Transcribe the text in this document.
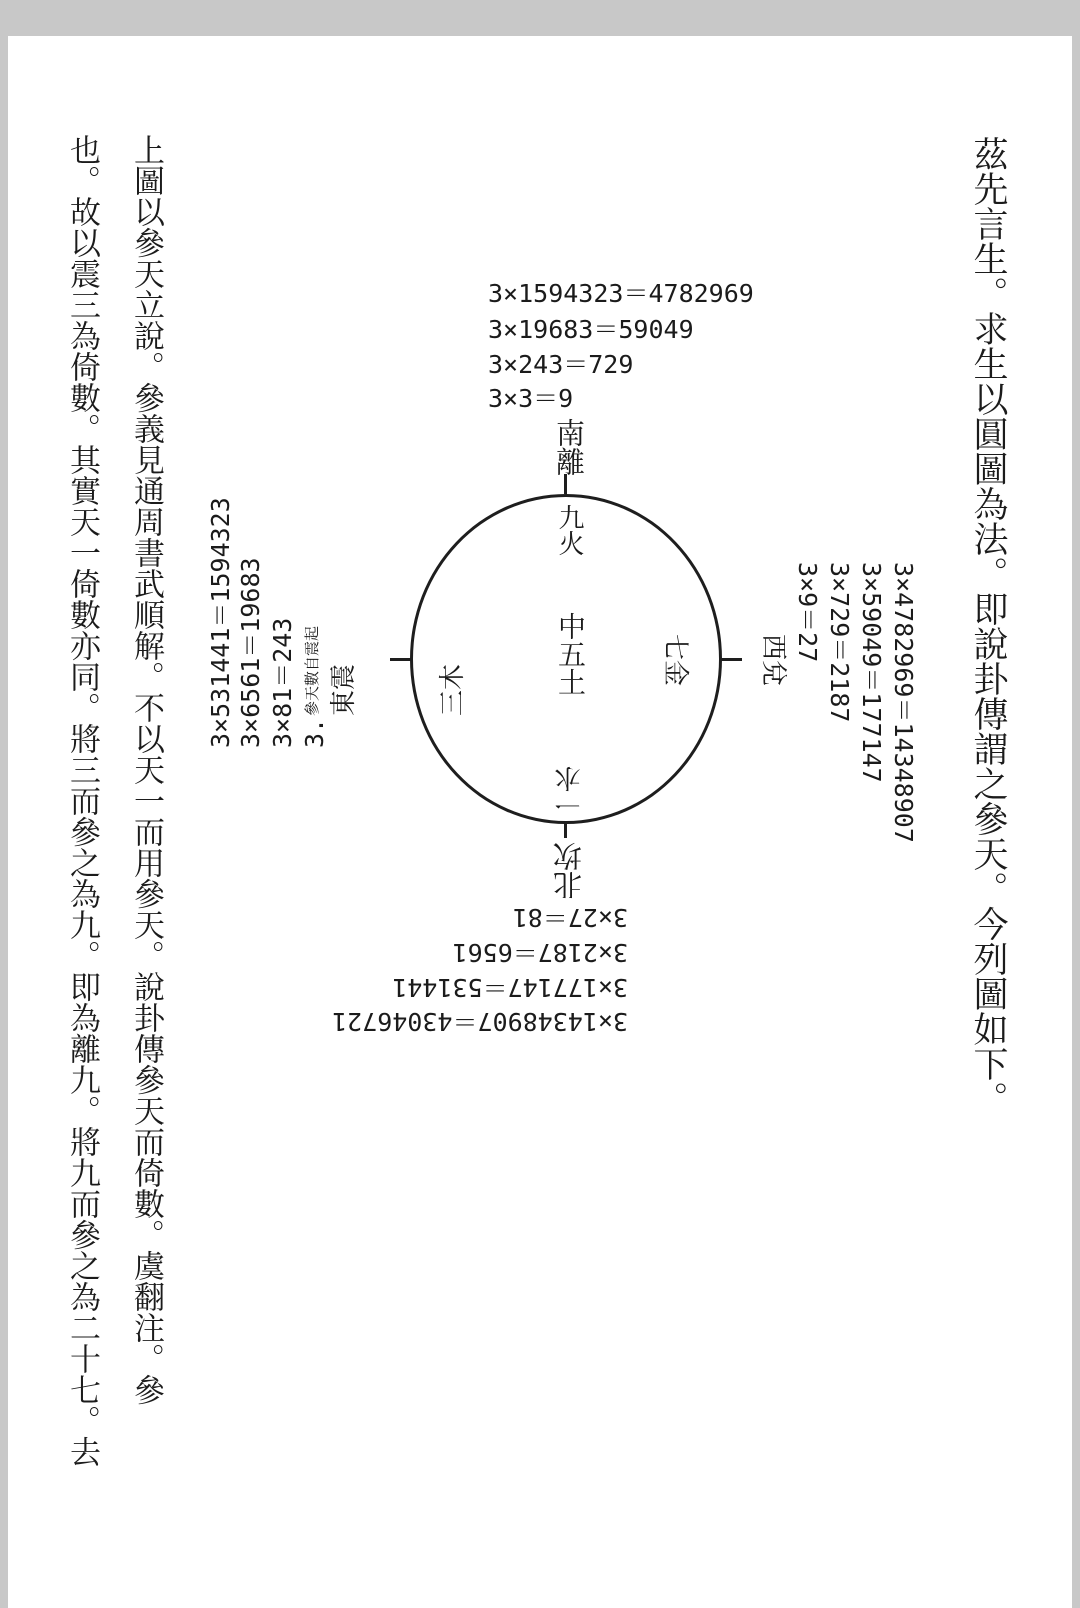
茲先言生。求生以圓圖為法。即說卦傳謂之參天。今列圖如下。
上圖以參天立說。參義見通周書武順解。不以天一而用參天。說卦傳參天而倚數。虞翻注。參
也。故以震三為倚數。其實天一倚數亦同。將三而參之為九。即為離九。將九而參之為二十七。去	3×1594323＝4782969
3×19683＝59049
3×243＝729
3×3＝9
3×27＝81
3×2187＝6561
3×177147＝531441
3×14348907＝43046721
3×4782969＝14348907
3×59049＝177147
3×729＝2187
3×9＝27
3×531441＝1594323 3×6561＝19683 3×81＝243 3.
參天數自震起
南離
九火
中五土
一水
北坎
七金	西兌
三木
東震
